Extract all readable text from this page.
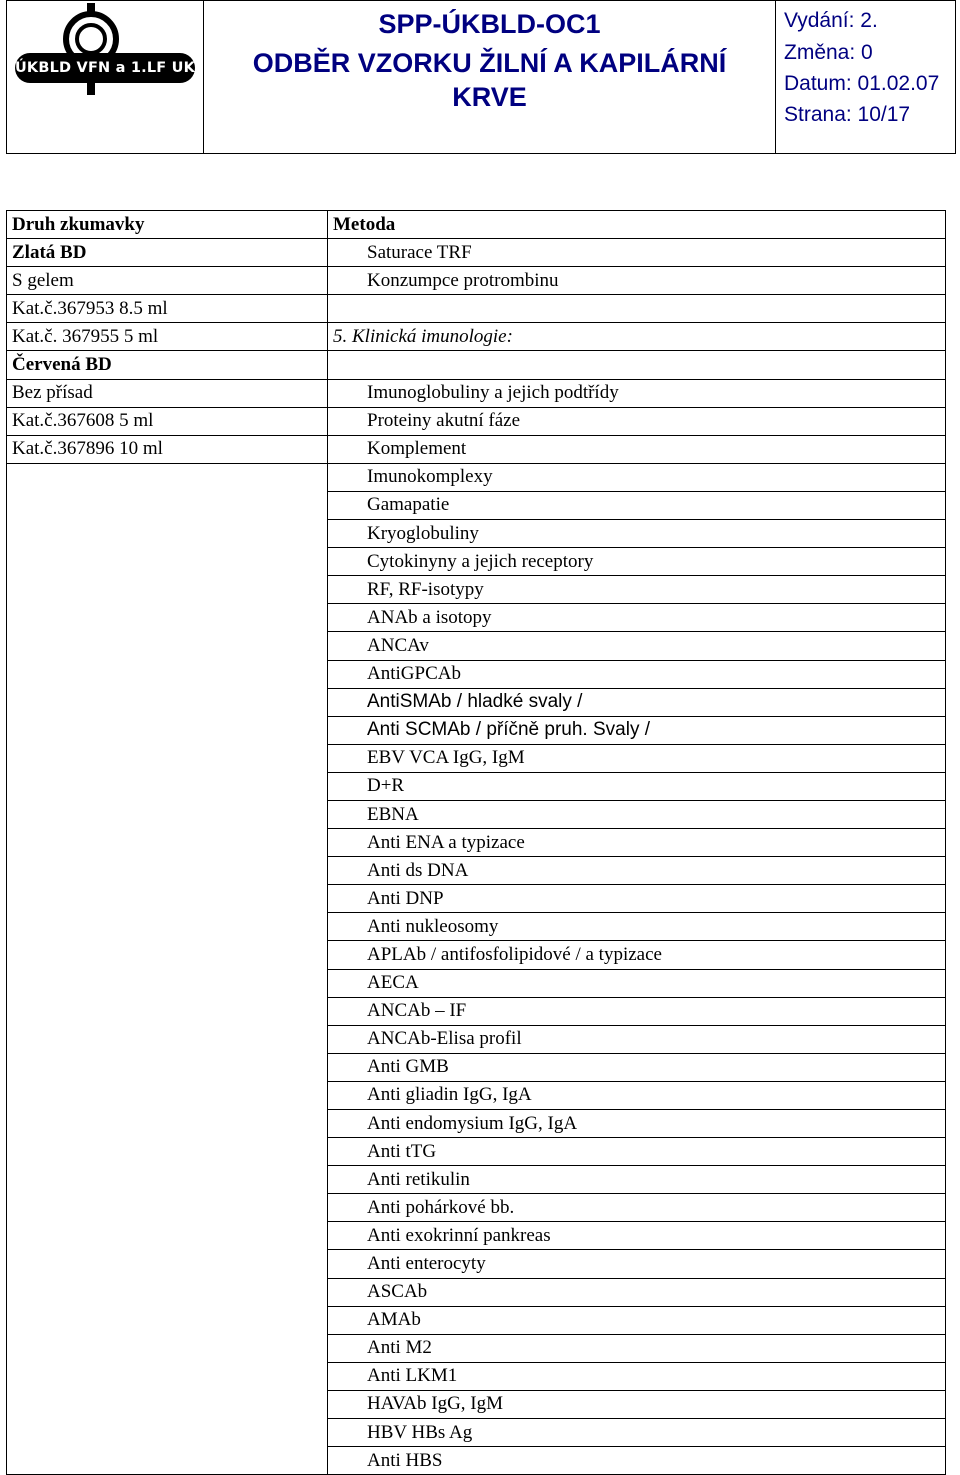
ÚKBLD VFN a 1.LF UK
SPP-ÚKBLD-OC1
ODBĚR VZORKU ŽILNÍ A KAPILÁRNÍ
KRVE
Vydání: 2.
Změna: 0
Datum: 01.02.07
Strana: 10/17
Druh zkumavky	Metoda
Zlatá BD	Saturace TRF
S gelem	Konzumpce protrombinu
Kat.č.367953 8.5 ml	
Kat.č. 367955 5 ml	5. Klinická imunologie:
Červená BD	
Bez přísad	Imunoglobuliny a jejich podtřídy
Kat.č.367608 5 ml	Proteiny akutní fáze
Kat.č.367896 10 ml	Komplement
	Imunokomplexy
	Gamapatie
	Kryoglobuliny
	Cytokinyny a jejich receptory
	RF, RF-isotypy
	ANAb a isotopy
	ANCAv
	AntiGPCAb
	AntiSMAb / hladké svaly /
	Anti SCMAb / příčně pruh. Svaly /
	EBV VCA IgG, IgM
	D+R
	EBNA
	Anti ENA a typizace
	Anti ds DNA
	Anti DNP
	Anti nukleosomy
	APLAb / antifosfolipidové / a typizace
	AECA
	ANCAb – IF
	ANCAb-Elisa profil
	Anti GMB
	Anti gliadin IgG, IgA
	Anti endomysium IgG, IgA
	Anti tTG
	Anti retikulin
	Anti pohárkové bb.
	Anti exokrinní pankreas
	Anti enterocyty
	ASCAb
	AMAb
	Anti M2
	Anti LKM1
	HAVAb IgG, IgM
	HBV HBs Ag
	Anti HBS
